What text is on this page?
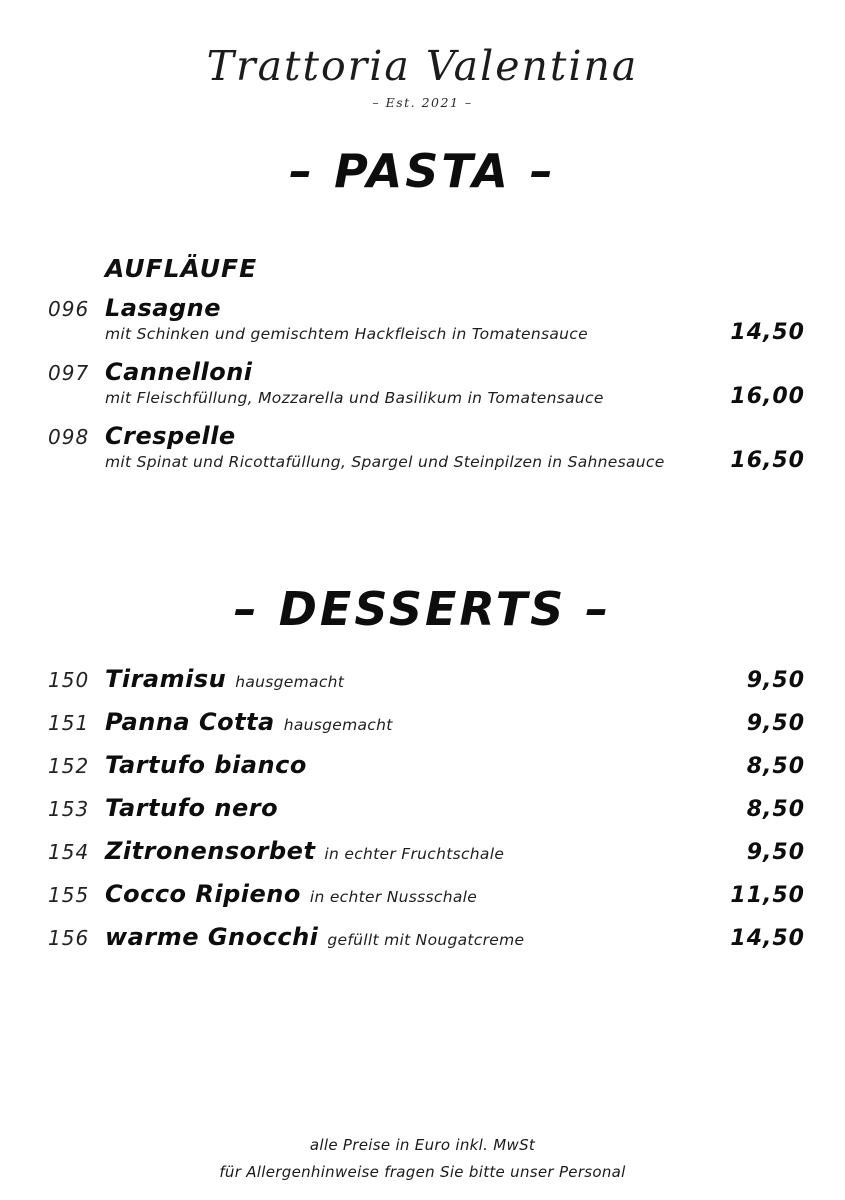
Trattoria Valentina
– Est. 2021 –
– PASTA –
AUFLÄUFE
096 Lasagne
mit Schinken und gemischtem Hackfleisch in Tomatensauce	14,50
097 Cannelloni
mit Fleischfüllung, Mozzarella und Basilikum in Tomatensauce	16,00
098 Crespelle
mit Spinat und Ricottafüllung, Spargel und Steinpilzen in Sahnesauce	16,50
– DESSERTS –
150 Tiramisu hausgemacht	9,50
151 Panna Cotta hausgemacht	9,50
152 Tartufo bianco	8,50
153 Tartufo nero	8,50
154 Zitronensorbet in echter Fruchtschale	9,50
155 Cocco Ripieno in echter Nussschale	11,50
156 warme Gnocchi gefüllt mit Nougatcreme	14,50
alle Preise in Euro inkl. MwSt
für Allergenhinweise fragen Sie bitte unser Personal
